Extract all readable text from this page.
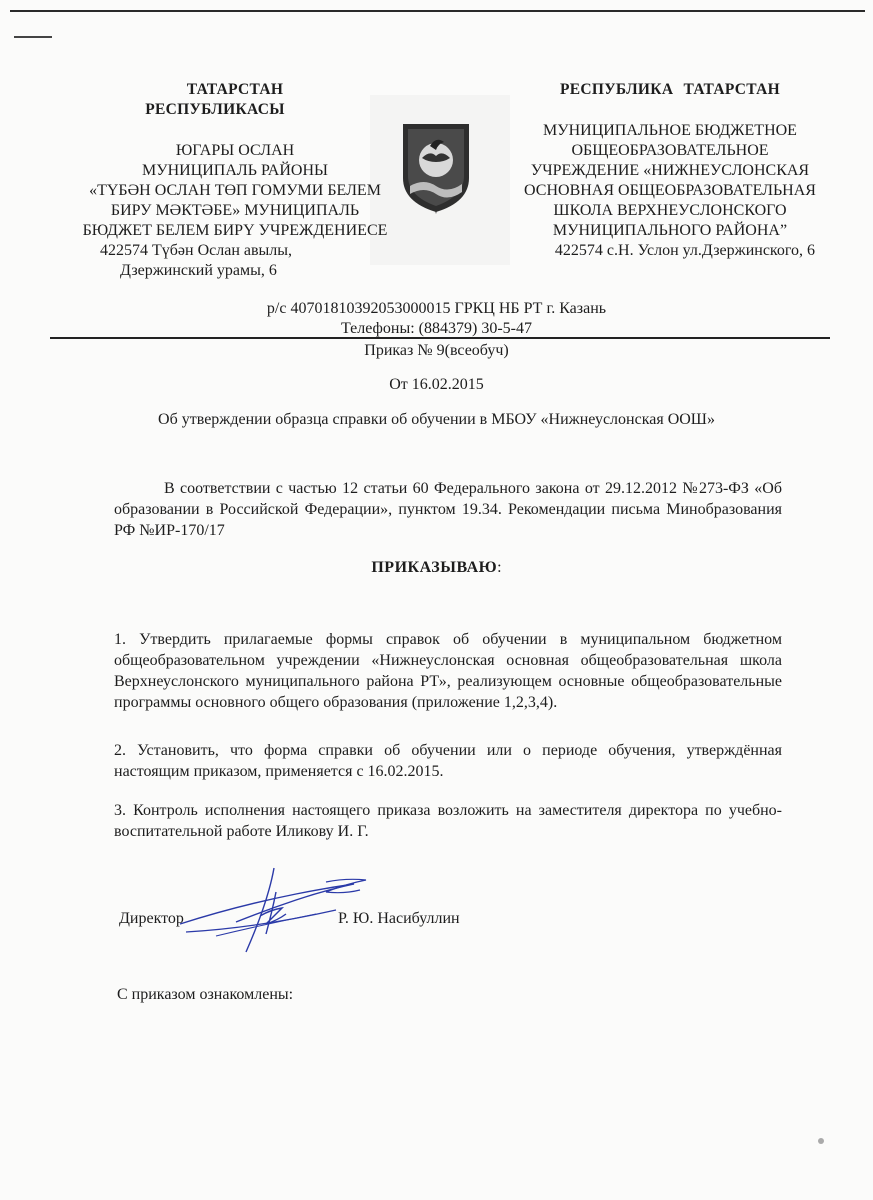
ТАТАРСТАН
РЕСПУБЛИКАСЫ
ЮГАРЫ ОСЛАН
МУНИЦИПАЛЬ РАЙОНЫ
«ТҮБӘН ОСЛАН ТӨП ГОМУМИ БЕЛЕМ
БИРУ МӘКТӘБЕ» МУНИЦИПАЛЬ
БЮДЖЕТ БЕЛЕМ БИРҮ УЧРЕЖДЕНИЕСЕ
422574 Түбән Ослан авылы,
Дзержинский урамы, 6
РЕСПУБЛИКА ТАТАРСТАН
МУНИЦИПАЛЬНОЕ БЮДЖЕТНОЕ
ОБЩЕОБРАЗОВАТЕЛЬНОЕ
УЧРЕЖДЕНИЕ «НИЖНЕУСЛОНСКАЯ
ОСНОВНАЯ ОБЩЕОБРАЗОВАТЕЛЬНАЯ
ШКОЛА ВЕРХНЕУСЛОНСКОГО
МУНИЦИПАЛЬНОГО РАЙОНА”
422574 с.Н. Услон ул.Дзержинского, 6
р/с 40701810392053000015 ГРКЦ НБ РТ г. Казань
Телефоны: (884379) 30-5-47
Приказ № 9(всеобуч)
От 16.02.2015
Об утверждении образца справки об обучении в МБОУ «Нижнеуслонская ООШ»
В соответствии с частью 12 статьи 60 Федерального закона от 29.12.2012 №273-ФЗ «Об образовании в Российской Федерации», пунктом 19.34. Рекомендации письма Минобразования РФ №ИР-170/17
ПРИКАЗЫВАЮ:
1. Утвердить прилагаемые формы справок об обучении в муниципальном бюджетном общеобразовательном учреждении «Нижнеуслонская основная общеобразовательная школа Верхнеуслонского муниципального района РТ», реализующем основные общеобразовательные программы основного общего образования (приложение 1,2,3,4).
2. Установить, что форма справки об обучении или о периоде обучения, утверждённая настоящим приказом, применяется с 16.02.2015.
3. Контроль исполнения настоящего приказа возложить на заместителя директора по учебно-воспитательной работе Иликову И. Г.
Директор	Р. Ю. Насибуллин
С приказом ознакомлены:
